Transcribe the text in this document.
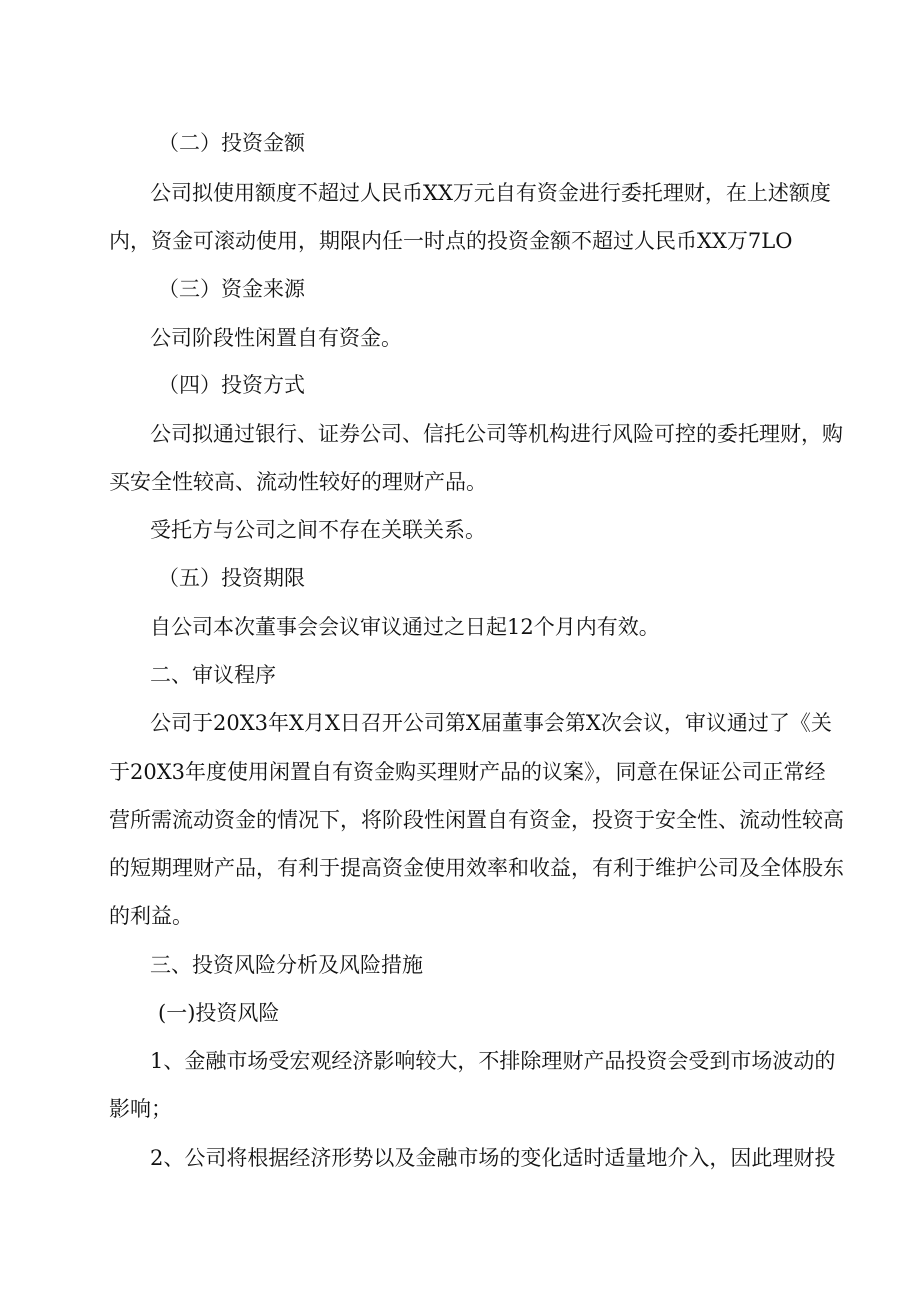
（二）投资金额
公司拟使用额度不超过人民币XX万元自有资金进行委托理财，在上述额度
内，资金可滚动使用，期限内任一时点的投资金额不超过人民币XX万7LO
（三）资金来源
公司阶段性闲置自有资金。
（四）投资方式
公司拟通过银行、证券公司、信托公司等机构进行风险可控的委托理财，购
买安全性较高、流动性较好的理财产品。
受托方与公司之间不存在关联关系。
（五）投资期限
自公司本次董事会会议审议通过之日起12个月内有效。
二、审议程序
公司于20X3年X月X日召开公司第X届董事会第X次会议，审议通过了《关
于20X3年度使用闲置自有资金购买理财产品的议案》，同意在保证公司正常经
营所需流动资金的情况下，将阶段性闲置自有资金，投资于安全性、流动性较高
的短期理财产品，有利于提高资金使用效率和收益，有利于维护公司及全体股东
的利益。
三、投资风险分析及风险措施
(一)投资风险
1、金融市场受宏观经济影响较大，不排除理财产品投资会受到市场波动的
影响；
2、公司将根据经济形势以及金融市场的变化适时适量地介入，因此理财投
